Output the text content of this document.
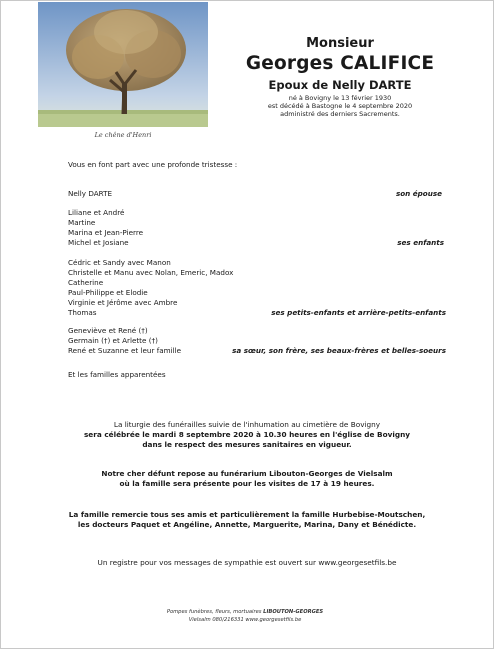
Le chêne d'Henri
Monsieur
Georges CALIFICE
Epoux de Nelly DARTE
né à Bovigny le 13 février 1930
est décédé à Bastogne le 4 septembre 2020
administré des derniers Sacrements.
Vous en font part avec une profonde tristesse :
Nelly DARTE	son épouse
Liliane et André
Martine
Marina et Jean-Pierre
Michel et Josiane	ses enfants
Cédric et Sandy avec Manon
Christelle et Manu avec Nolan, Emeric, Madox
Catherine
Paul-Philippe et Elodie
Virginie et Jérôme avec Ambre
Thomas	ses petits-enfants et arrière-petits-enfants
Geneviève et René (†)
Germain (†) et Arlette (†)
René et Suzanne et leur famille	sa sœur, son frère, ses beaux-frères et belles-soeurs
Et les familles apparentées
La liturgie des funérailles suivie de l'inhumation au cimetière de Bovigny
sera célébrée le mardi 8 septembre 2020 à 10.30 heures en l'église de Bovigny
dans le respect des mesures sanitaires en vigueur.
Notre cher défunt repose au funérarium Libouton-Georges de Vielsalm
où la famille sera présente pour les visites de 17 à 19 heures.
La famille remercie tous ses amis et particulièrement la famille Hurbebise-Moutschen,
les docteurs Paquet et Angéline, Annette, Marguerite, Marina, Dany et Bénédicte.
Un registre pour vos messages de sympathie est ouvert sur www.georgesetfils.be
Pompes funèbres, fleurs, mortuaires LIBOUTON-GEORGES
Vielsalm 080/216331 www.georgesetfils.be
